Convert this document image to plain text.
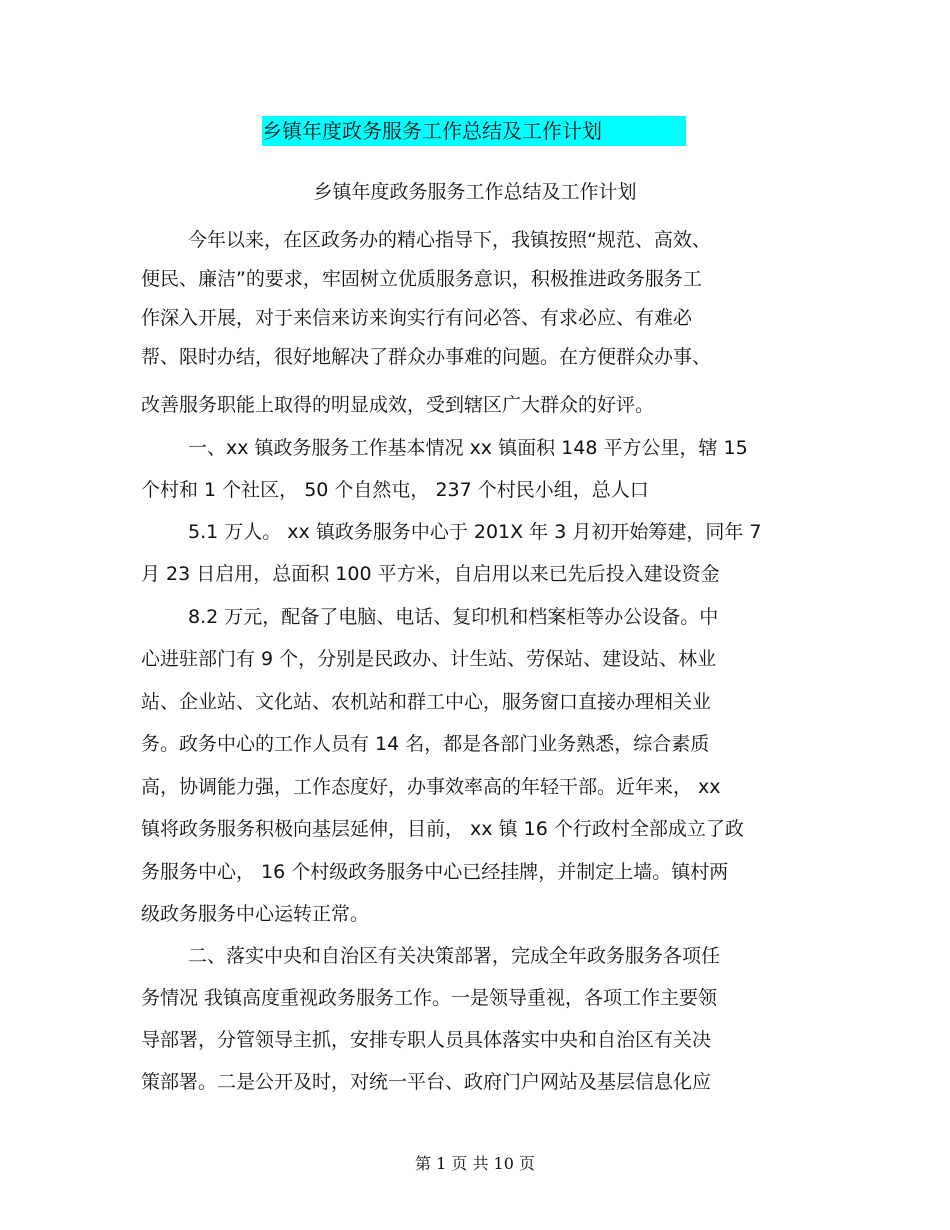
乡镇年度政务服务工作总结及工作计划
乡镇年度政务服务工作总结及工作计划
今年以来，在区政务办的精心指导下，我镇按照“规范、高效、
便民、廉洁”的要求，牢固树立优质服务意识，积极推进政务服务工
作深入开展，对于来信来访来询实行有问必答、有求必应、有难必
帮、限时办结，很好地解决了群众办事难的问题。在方便群众办事、
改善服务职能上取得的明显成效，受到辖区广大群众的好评。
一、xx 镇政务服务工作基本情况 xx 镇面积 148 平方公里，辖 15
个村和 1 个社区， 50 个自然屯， 237 个村民小组，总人口
5.1 万人。 xx 镇政务服务中心于 201X 年 3 月初开始筹建，同年 7
月 23 日启用，总面积 100 平方米，自启用以来已先后投入建设资金
8.2 万元，配备了电脑、电话、复印机和档案柜等办公设备。中
心进驻部门有 9 个，分别是民政办、计生站、劳保站、建设站、林业
站、企业站、文化站、农机站和群工中心，服务窗口直接办理相关业
务。政务中心的工作人员有 14 名，都是各部门业务熟悉，综合素质
高，协调能力强，工作态度好，办事效率高的年轻干部。近年来， xx
镇将政务服务积极向基层延伸，目前， xx 镇 16 个行政村全部成立了政
务服务中心， 16 个村级政务服务中心已经挂牌，并制定上墙。镇村两
级政务服务中心运转正常。
二、落实中央和自治区有关决策部署，完成全年政务服务各项任
务情况 我镇高度重视政务服务工作。一是领导重视，各项工作主要领
导部署，分管领导主抓，安排专职人员具体落实中央和自治区有关决
策部署。二是公开及时，对统一平台、政府门户网站及基层信息化应
第 1 页 共 10 页
